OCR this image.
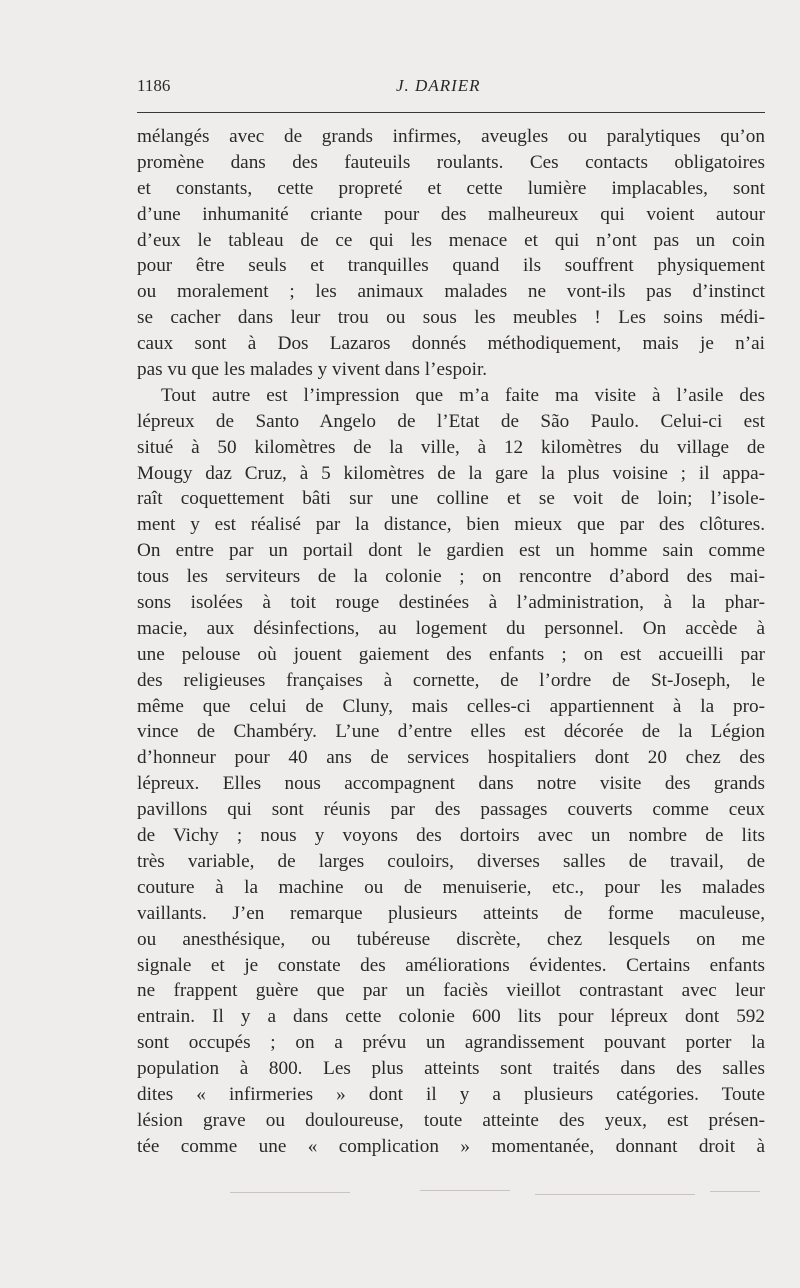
1186	J. DARIER
mélangés avec de grands infirmes, aveugles ou paralytiques qu’on
promène dans des fauteuils roulants. Ces contacts obligatoires
et constants, cette propreté et cette lumière implacables, sont
d’une inhumanité criante pour des malheureux qui voient autour
d’eux le tableau de ce qui les menace et qui n’ont pas un coin
pour être seuls et tranquilles quand ils souffrent physiquement
ou moralement ; les animaux malades ne vont-ils pas d’instinct
se cacher dans leur trou ou sous les meubles ! Les soins médi-
caux sont à Dos Lazaros donnés méthodiquement, mais je n’ai
pas vu que les malades y vivent dans l’espoir.
Tout autre est l’impression que m’a faite ma visite à l’asile des
lépreux de Santo Angelo de l’Etat de São Paulo. Celui-ci est
situé à 50 kilomètres de la ville, à 12 kilomètres du village de
Mougy daz Cruz, à 5 kilomètres de la gare la plus voisine ; il appa-
raît coquettement bâti sur une colline et se voit de loin; l’isole-
ment y est réalisé par la distance, bien mieux que par des clôtures.
On entre par un portail dont le gardien est un homme sain comme
tous les serviteurs de la colonie ; on rencontre d’abord des mai-
sons isolées à toit rouge destinées à l’administration, à la phar-
macie, aux désinfections, au logement du personnel. On accède à
une pelouse où jouent gaiement des enfants ; on est accueilli par
des religieuses françaises à cornette, de l’ordre de St-Joseph, le
même que celui de Cluny, mais celles-ci appartiennent à la pro-
vince de Chambéry. L’une d’entre elles est décorée de la Légion
d’honneur pour 40 ans de services hospitaliers dont 20 chez des
lépreux. Elles nous accompagnent dans notre visite des grands
pavillons qui sont réunis par des passages couverts comme ceux
de Vichy ; nous y voyons des dortoirs avec un nombre de lits
très variable, de larges couloirs, diverses salles de travail, de
couture à la machine ou de menuiserie, etc., pour les malades
vaillants. J’en remarque plusieurs atteints de forme maculeuse,
ou anesthésique, ou tubéreuse discrète, chez lesquels on me
signale et je constate des améliorations évidentes. Certains enfants
ne frappent guère que par un faciès vieillot contrastant avec leur
entrain. Il y a dans cette colonie 600 lits pour lépreux dont 592
sont occupés ; on a prévu un agrandissement pouvant porter la
population à 800. Les plus atteints sont traités dans des salles
dites « infirmeries » dont il y a plusieurs catégories. Toute
lésion grave ou douloureuse, toute atteinte des yeux, est présen-
tée comme une « complication » momentanée, donnant droit à
